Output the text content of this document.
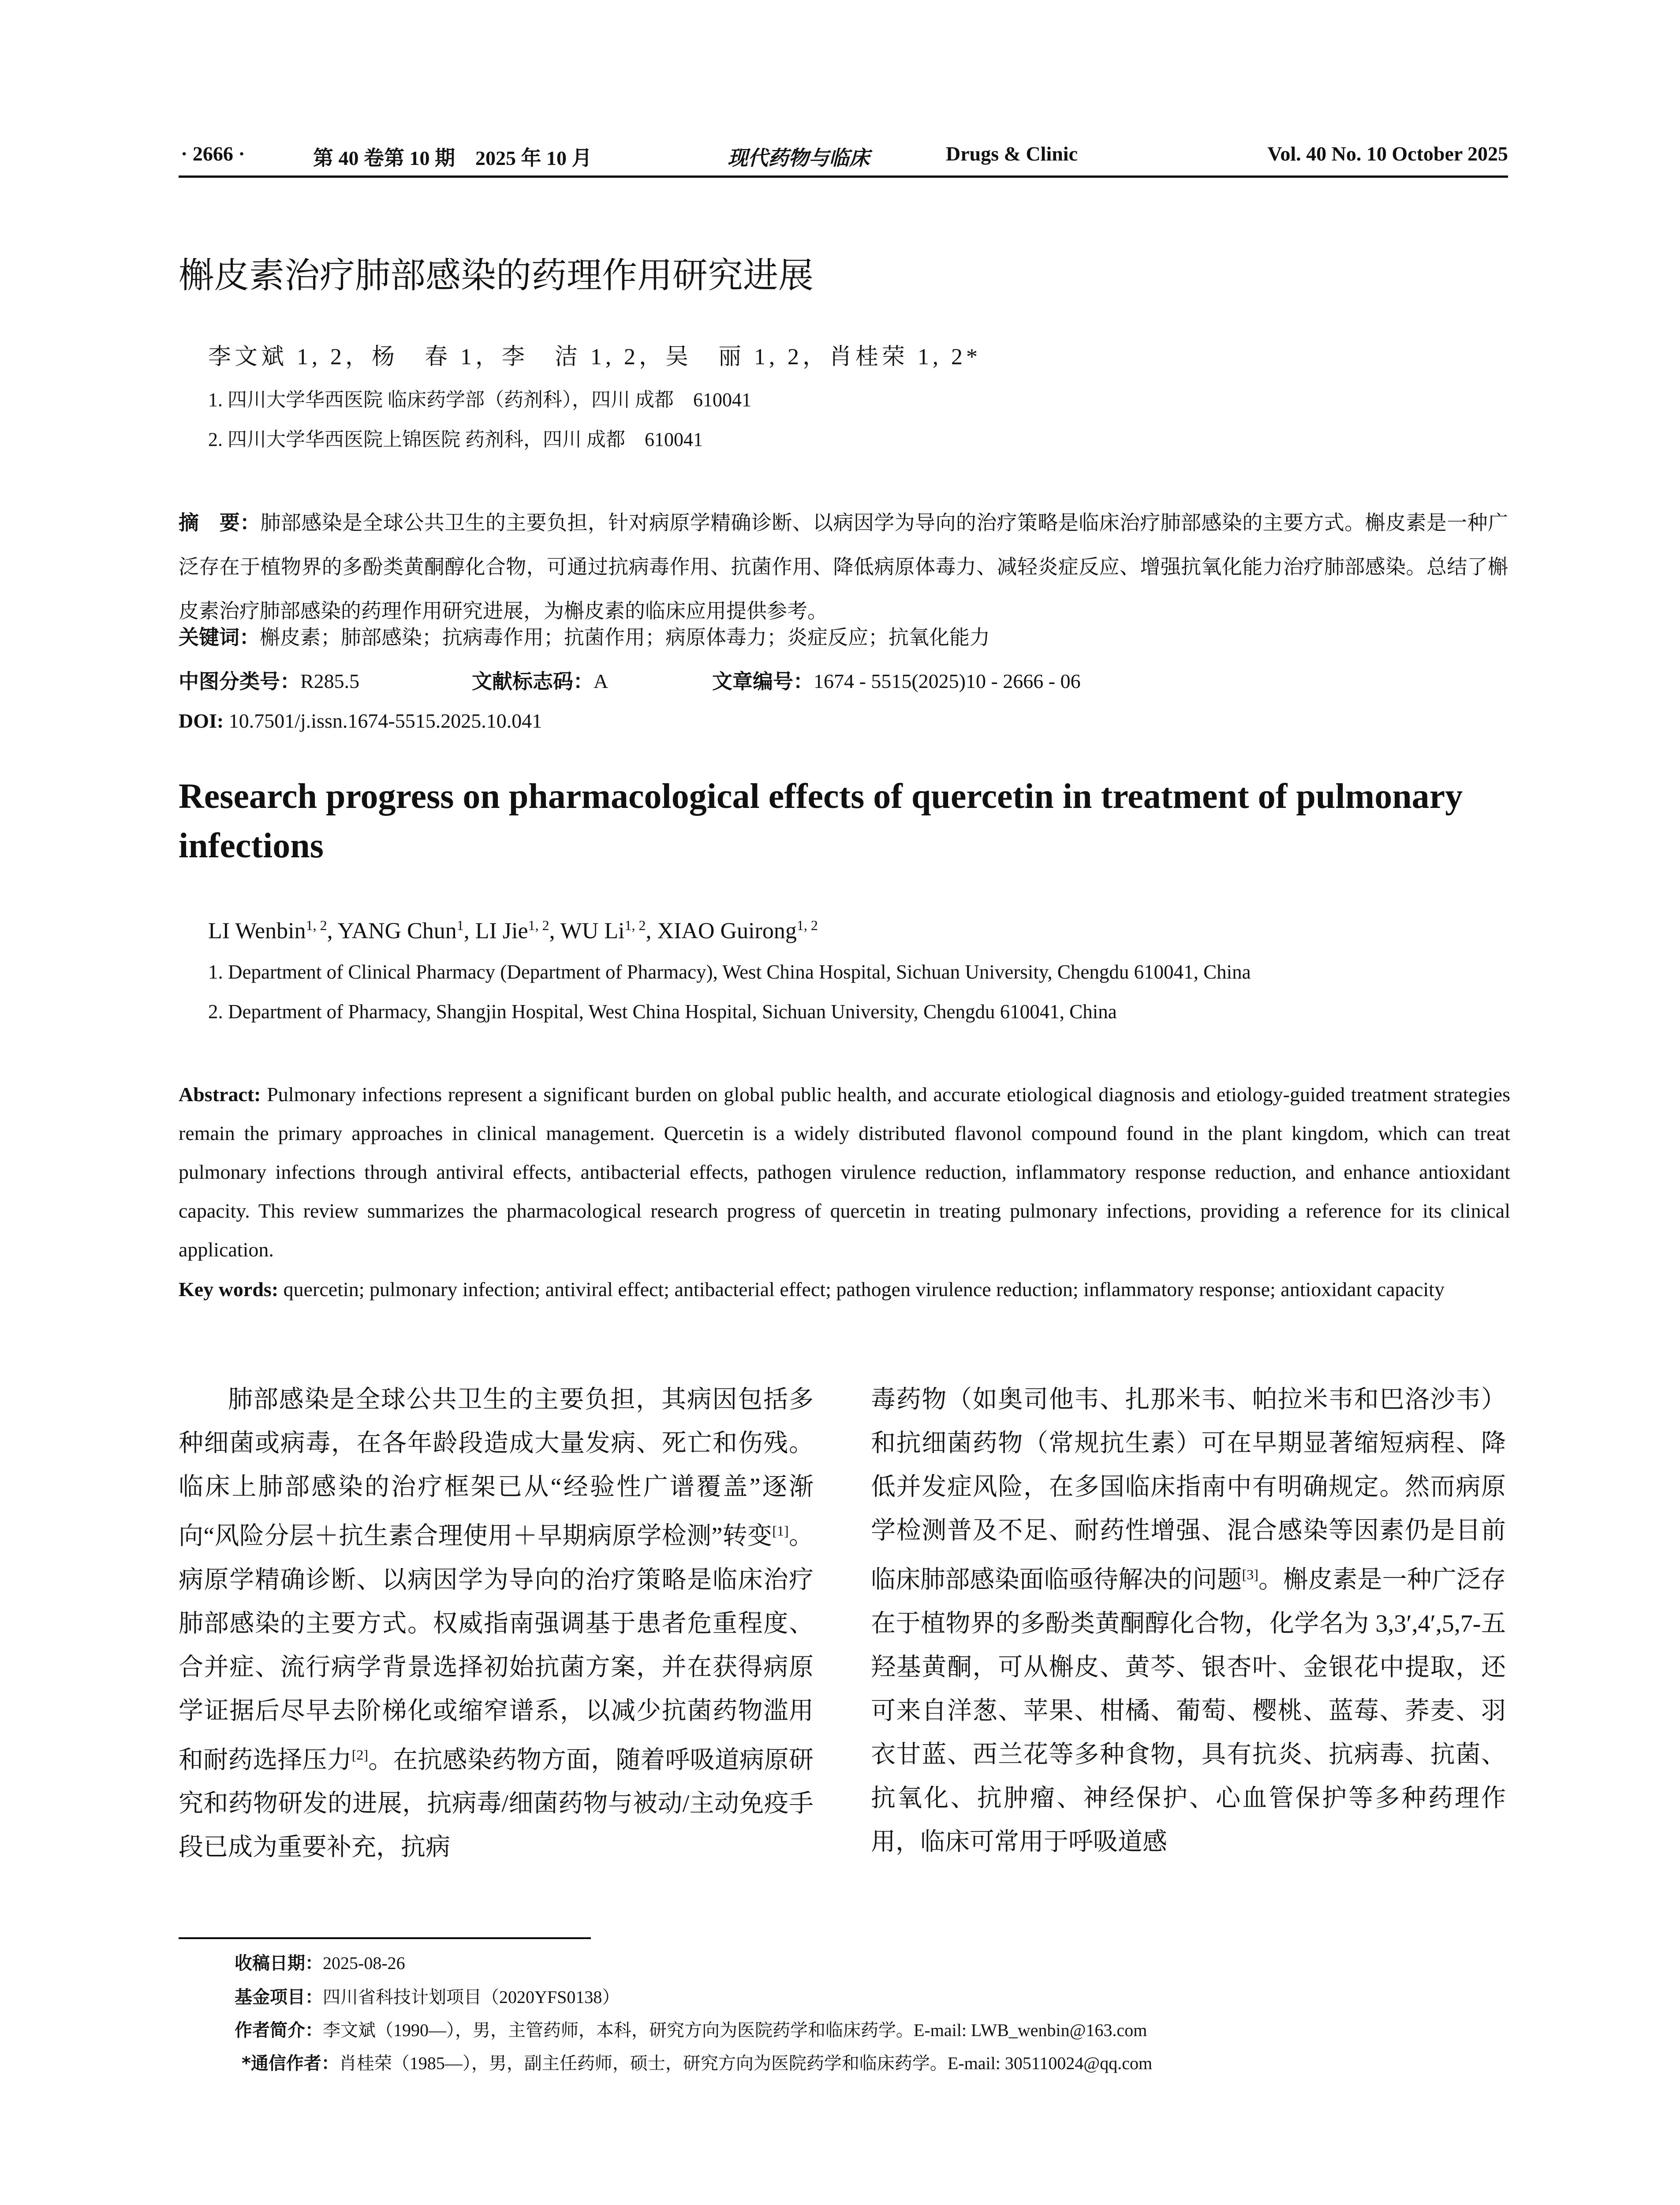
· 2666 ·	第 40 卷第 10 期　2025 年 10 月	现代药物与临床	Drugs & Clinic	Vol. 40 No. 10 October 2025
槲皮素治疗肺部感染的药理作用研究进展
李文斌 1, 2，杨　春 1，李　洁 1, 2，吴　丽 1, 2，肖桂荣 1, 2*
1. 四川大学华西医院 临床药学部（药剂科），四川 成都　610041
2. 四川大学华西医院上锦医院 药剂科，四川 成都　610041
摘　要：肺部感染是全球公共卫生的主要负担，针对病原学精确诊断、以病因学为导向的治疗策略是临床治疗肺部感染的主要方式。槲皮素是一种广泛存在于植物界的多酚类黄酮醇化合物，可通过抗病毒作用、抗菌作用、降低病原体毒力、减轻炎症反应、增强抗氧化能力治疗肺部感染。总结了槲皮素治疗肺部感染的药理作用研究进展，为槲皮素的临床应用提供参考。
关键词：槲皮素；肺部感染；抗病毒作用；抗菌作用；病原体毒力；炎症反应；抗氧化能力
中图分类号： R285.5	文献标志码： A	文章编号： 1674 - 5515(2025)10 - 2666 - 06
DOI: 10.7501/j.issn.1674-5515.2025.10.041
Research progress on pharmacological effects of quercetin in treatment of pulmonary infections
LI Wenbin$^{1, 2}$, YANG Chun$^1$, LI Jie$^{1, 2}$, WU Li$^{1, 2}$, XIAO Guirong$^{1, 2}$
1. Department of Clinical Pharmacy (Department of Pharmacy), West China Hospital, Sichuan University, Chengdu 610041, China
2. Department of Pharmacy, Shangjin Hospital, West China Hospital, Sichuan University, Chengdu 610041, China
Abstract: Pulmonary infections represent a significant burden on global public health, and accurate etiological diagnosis and etiology-guided treatment strategies remain the primary approaches in clinical management. Quercetin is a widely distributed flavonol compound found in the plant kingdom, which can treat pulmonary infections through antiviral effects, antibacterial effects, pathogen virulence reduction, inflammatory response reduction, and enhance antioxidant capacity. This review summarizes the pharmacological research progress of quercetin in treating pulmonary infections, providing a reference for its clinical application.
Key words: quercetin; pulmonary infection; antiviral effect; antibacterial effect; pathogen virulence reduction; inflammatory response; antioxidant capacity

肺部感染是全球公共卫生的主要负担，其病因包括多种细菌或病毒，在各年龄段造成大量发病、死亡和伤残。临床上肺部感染的治疗框架已从“经验性广谱覆盖”逐渐向“风险分层＋抗生素合理使用＋早期病原学检测”转变[1]。病原学精确诊断、以病因学为导向的治疗策略是临床治疗肺部感染的主要方式。权威指南强调基于患者危重程度、合并症、流行病学背景选择初始抗菌方案，并在获得病原学证据后尽早去阶梯化或缩窄谱系，以减少抗菌药物滥用和耐药选择压力[2]。在抗感染药物方面，随着呼吸道病原研究和药物研发的进展，抗病毒/细菌药物与被动/主动免疫手段已成为重要补充，抗病

毒药物（如奥司他韦、扎那米韦、帕拉米韦和巴洛沙韦）和抗细菌药物（常规抗生素）可在早期显著缩短病程、降低并发症风险，在多国临床指南中有明确规定。然而病原学检测普及不足、耐药性增强、混合感染等因素仍是目前临床肺部感染面临亟待解决的问题[3]。槲皮素是一种广泛存在于植物界的多酚类黄酮醇化合物，化学名为 3,3′,4′,5,7-五羟基黄酮，可从槲皮、黄芩、银杏叶、金银花中提取，还可来自洋葱、苹果、柑橘、葡萄、樱桃、蓝莓、荞麦、羽衣甘蓝、西兰花等多种食物，具有抗炎、抗病毒、抗菌、抗氧化、抗肿瘤、神经保护、心血管保护等多种药理作用，临床可常用于呼吸道感

收稿日期：2025-08-26
基金项目：四川省科技计划项目（2020YFS0138）
作者简介：李文斌（1990—），男，主管药师，本科，研究方向为医院药学和临床药学。E-mail: LWB_wenbin@163.com
*通信作者：肖桂荣（1985—），男，副主任药师，硕士，研究方向为医院药学和临床药学。E-mail: 305110024@qq.com
